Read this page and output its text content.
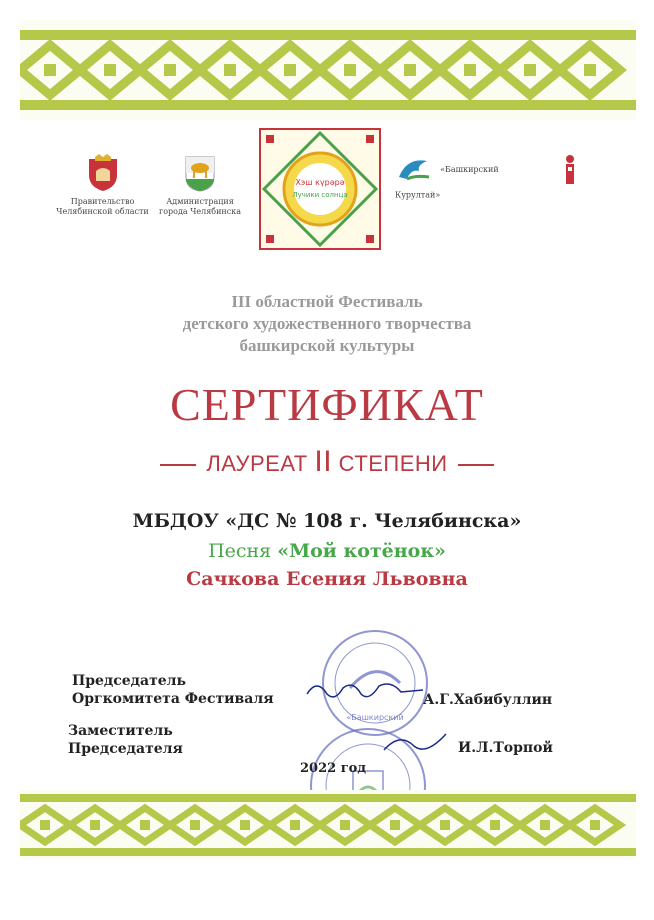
Правительство
Челябинской области
Администрация
города Челябинска
Хэш күрәрә
Лучики солнца
«Башкирский Курултай»
III областной Фестиваль
детского художественного творчества
башкирской культуры
СЕРТИФИКАТ
ЛАУРЕАТ II СТЕПЕНИ
МБДОУ «ДС № 108 г. Челябинска»
Песня «Мой котёнок»
Сачкова Есения Львовна
«Башкирский
Председатель
Оргкомитета Фестиваля	А.Г.Хабибуллин
Заместитель
Председателя	И.Л.Торпой
2022 год
